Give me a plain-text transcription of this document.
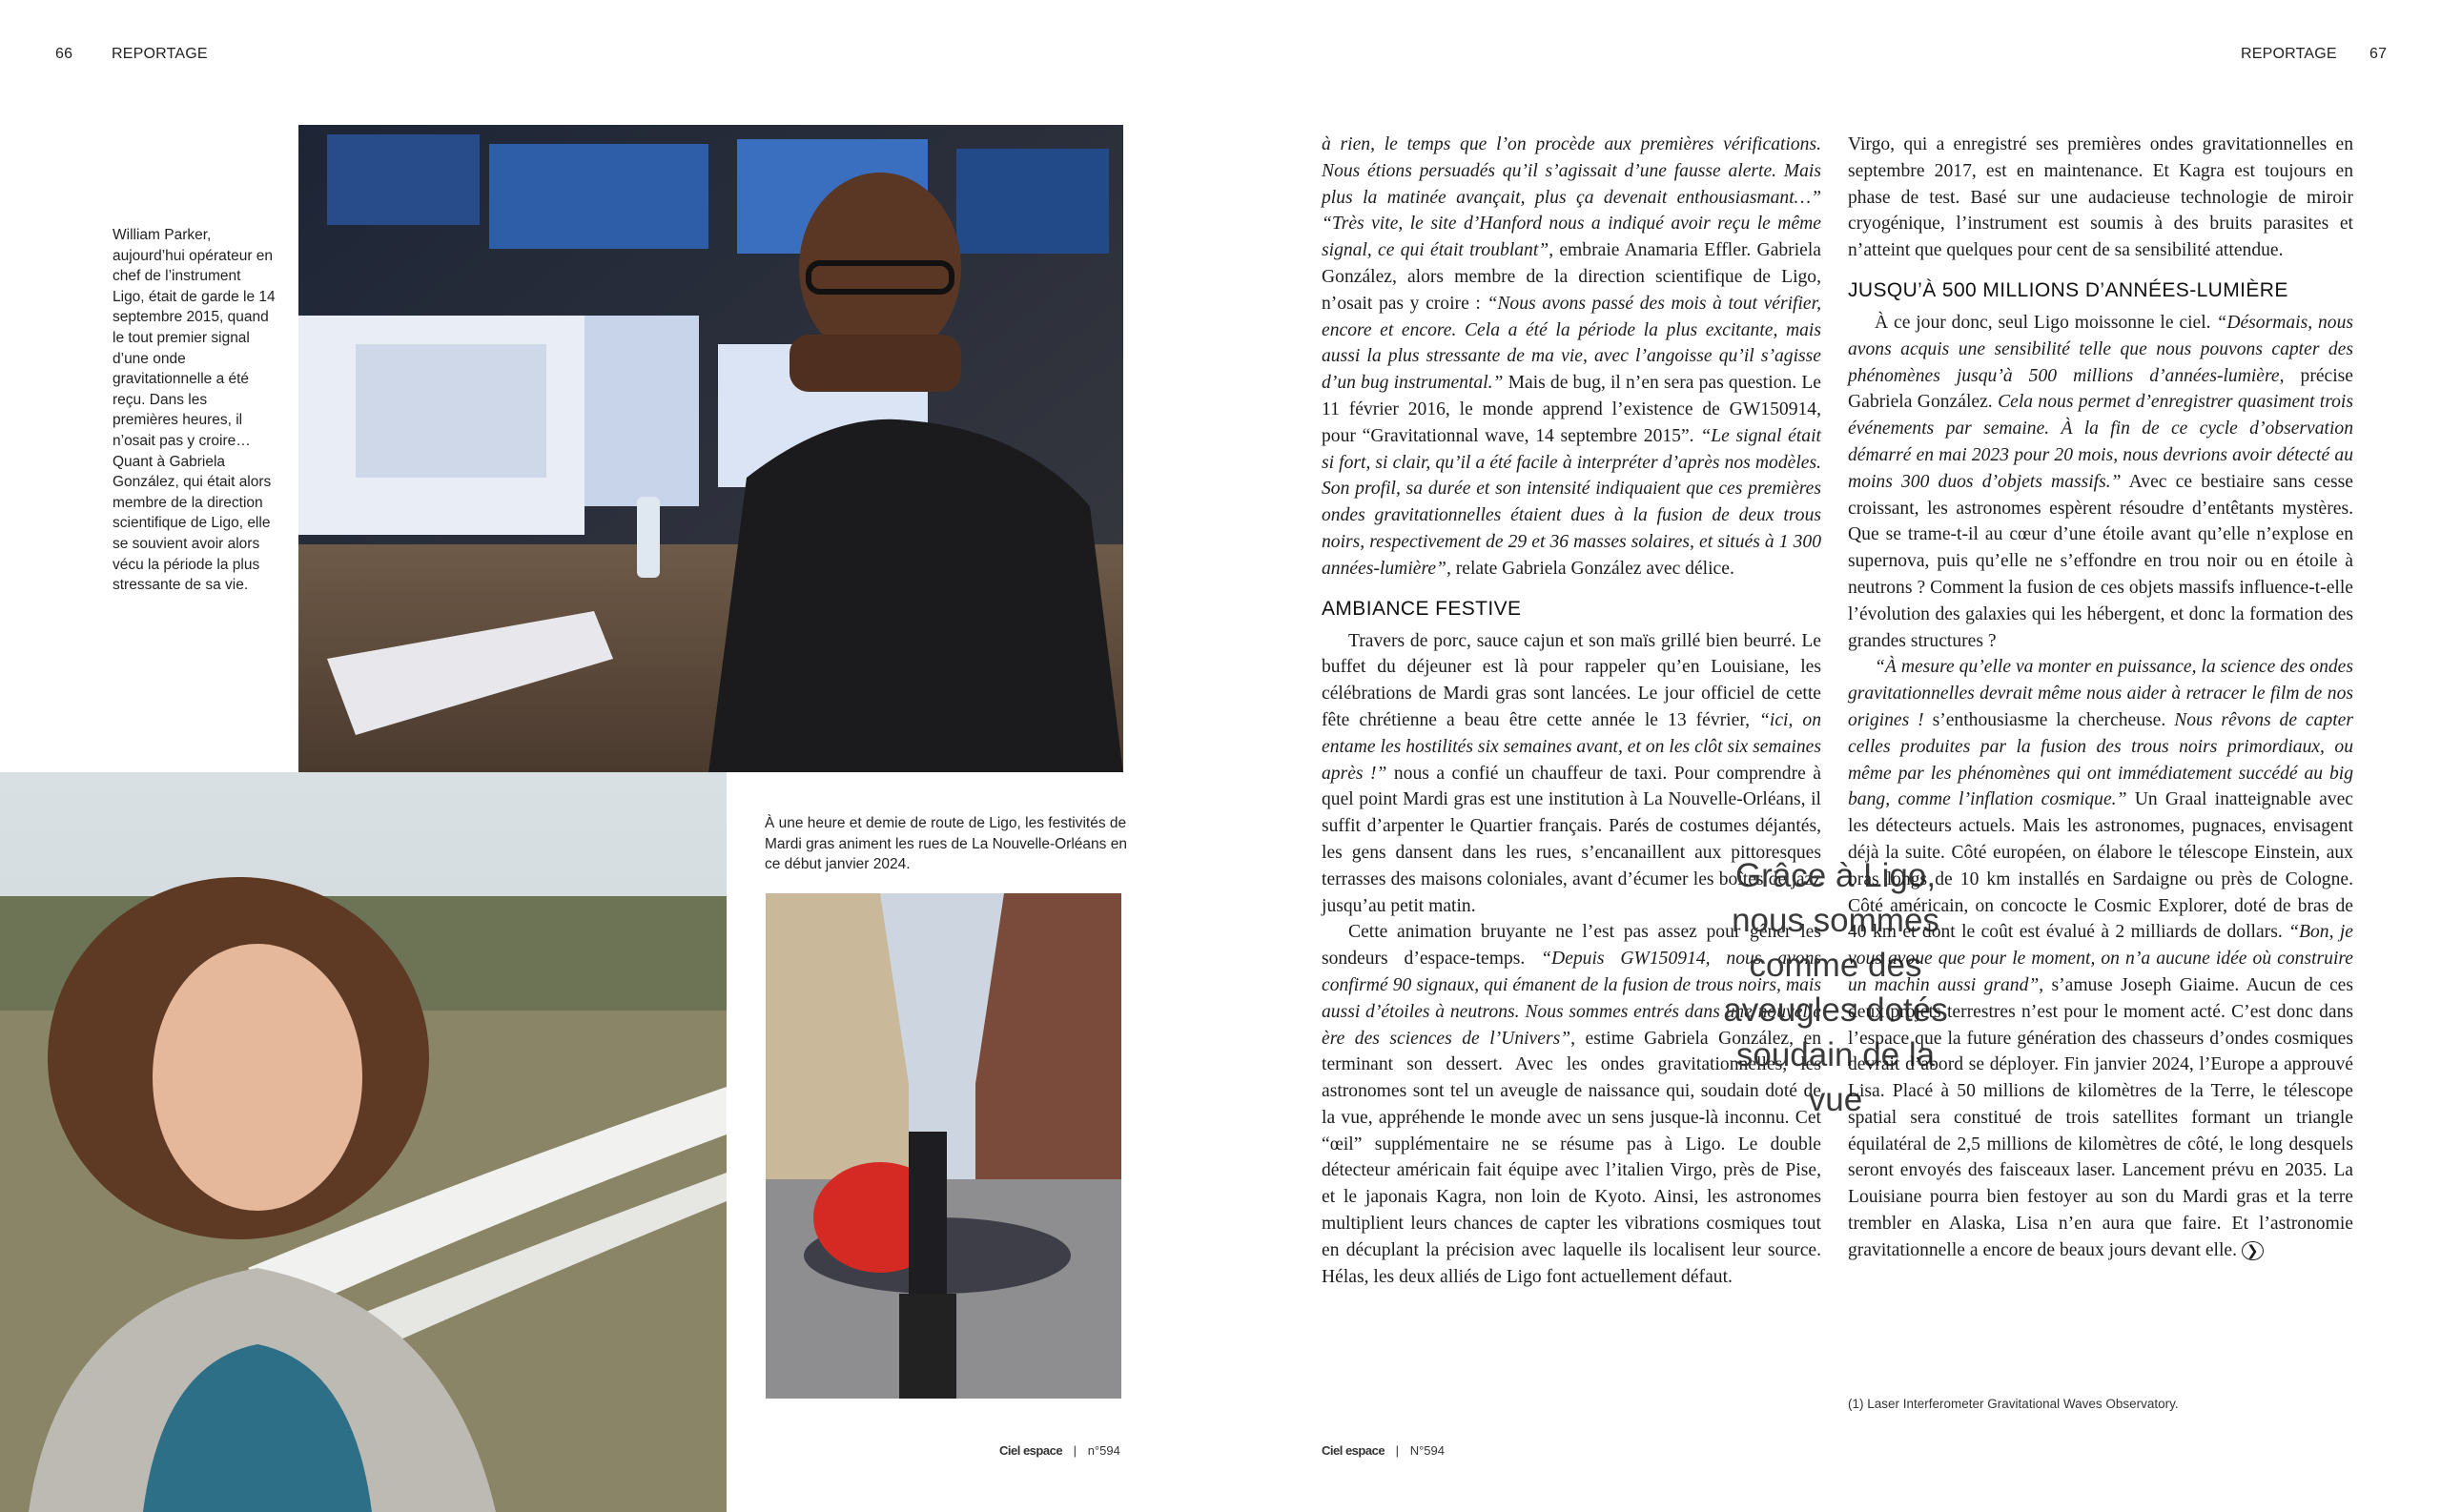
66	REPORTAGE
William Parker, aujourd’hui opérateur en chef de l’instrument Ligo, était de garde le 14 septembre 2015, quand le tout premier signal d’une onde gravitationnelle a été reçu. Dans les premières heures, il n’osait pas y croire… Quant à Gabriela González, qui était alors membre de la direction scientifique de Ligo, elle se souvient avoir alors vécu la période la plus stressante de sa vie.
À une heure et demie de route de Ligo, les festivités de Mardi gras animent les rues de La Nouvelle-Orléans en ce début janvier 2024.
Ciel espace | n°594
REPORTAGE 67

à rien, le temps que l’on procède aux premières vérifications. Nous étions persuadés qu’il s’agissait d’une fausse alerte. Mais plus la matinée avançait, plus ça devenait enthousiasmant…” “Très vite, le site d’Hanford nous a indiqué avoir reçu le même signal, ce qui était troublant”, embraie Anamaria Effler. Gabriela González, alors membre de la direction scientifique de Ligo, n’osait pas y croire : “Nous avons passé des mois à tout vérifier, encore et encore. Cela a été la période la plus excitante, mais aussi la plus stressante de ma vie, avec l’angoisse qu’il s’agisse d’un bug instrumental.” Mais de bug, il n’en sera pas question. Le 11 février 2016, le monde apprend l’existence de GW150914, pour “Gravitationnal wave, 14 septembre 2015”. “Le signal était si fort, si clair, qu’il a été facile à interpréter d’après nos modèles. Son profil, sa durée et son intensité indiquaient que ces premières ondes gravitationnelles étaient dues à la fusion de deux trous noirs, respectivement de 29 et 36 masses solaires, et situés à 1 300 années-lumière”, relate Gabriela González avec délice.

AMBIANCE FESTIVE

Travers de porc, sauce cajun et son maïs grillé bien beurré. Le buffet du déjeuner est là pour rappeler qu’en Louisiane, les célébrations de Mardi gras sont lancées. Le jour officiel de cette fête chrétienne a beau être cette année le 13 février, “ici, on entame les hostilités six semaines avant, et on les clôt six semaines après !” nous a confié un chauffeur de taxi. Pour comprendre à quel point Mardi gras est une institution à La Nouvelle-Orléans, il suffit d’arpenter le Quartier français. Parés de costumes déjantés, les gens dansent dans les rues, s’encanaillent aux pittoresques terrasses des maisons coloniales, avant d’écumer les boîtes de jazz jusqu’au petit matin.

Cette animation bruyante ne l’est pas assez pour gêner les sondeurs d’espace-temps. “Depuis GW150914, nous avons confirmé 90 signaux, qui émanent de la fusion de trous noirs, mais aussi d’étoiles à neutrons. Nous sommes entrés dans une nouvelle ère des sciences de l’Univers”, estime Gabriela González, en terminant son dessert. Avec les ondes gravitationnelles, les astronomes sont tel un aveugle de naissance qui, soudain doté de la vue, appréhende le monde avec un sens jusque-là inconnu. Cet “œil” supplémentaire ne se résume pas à Ligo. Le double détecteur américain fait équipe avec l’italien Virgo, près de Pise, et le japonais Kagra, non loin de Kyoto. Ainsi, les astronomes multiplient leurs chances de capter les vibrations cosmiques tout en décuplant la précision avec laquelle ils localisent leur source. Hélas, les deux alliés de Ligo font actuellement défaut.

Grâce à Ligo, nous sommes comme des aveugles dotés soudain de la vue

Virgo, qui a enregistré ses premières ondes gravitationnelles en septembre 2017, est en maintenance. Et Kagra est toujours en phase de test. Basé sur une audacieuse technologie de miroir cryogénique, l’instrument est soumis à des bruits parasites et n’atteint que quelques pour cent de sa sensibilité attendue.

JUSQU’À 500 MILLIONS D’ANNÉES-LUMIÈRE

À ce jour donc, seul Ligo moissonne le ciel. “Désormais, nous avons acquis une sensibilité telle que nous pouvons capter des phénomènes jusqu’à 500 millions d’années-lumière, précise Gabriela González. Cela nous permet d’enregistrer quasiment trois événements par semaine. À la fin de ce cycle d’observation démarré en mai 2023 pour 20 mois, nous devrions avoir détecté au moins 300 duos d’objets massifs.” Avec ce bestiaire sans cesse croissant, les astronomes espèrent résoudre d’entêtants mystères. Que se trame-t-il au cœur d’une étoile avant qu’elle n’explose en supernova, puis qu’elle ne s’effondre en trou noir ou en étoile à neutrons ? Comment la fusion de ces objets massifs influence-t-elle l’évolution des galaxies qui les hébergent, et donc la formation des grandes structures ?

“À mesure qu’elle va monter en puissance, la science des ondes gravitationnelles devrait même nous aider à retracer le film de nos origines ! s’enthousiasme la chercheuse. Nous rêvons de capter celles produites par la fusion des trous noirs primordiaux, ou même par les phénomènes qui ont immédiatement succédé au big bang, comme l’inflation cosmique.” Un Graal inatteignable avec les détecteurs actuels. Mais les astronomes, pugnaces, envisagent déjà la suite. Côté européen, on élabore le télescope Einstein, aux bras longs de 10 km installés en Sardaigne ou près de Cologne. Côté américain, on concocte le Cosmic Explorer, doté de bras de 40 km et dont le coût est évalué à 2 milliards de dollars. “Bon, je vous avoue que pour le moment, on n’a aucune idée où construire un machin aussi grand”, s’amuse Joseph Giaime. Aucun de ces deux projets terrestres n’est pour le moment acté. C’est donc dans l’espace que la future génération des chasseurs d’ondes cosmiques devrait d’abord se déployer. Fin janvier 2024, l’Europe a approuvé Lisa. Placé à 50 millions de kilomètres de la Terre, le télescope spatial sera constitué de trois satellites formant un triangle équilatéral de 2,5 millions de kilomètres de côté, le long desquels seront envoyés des faisceaux laser. Lancement prévu en 2035. La Louisiane pourra bien festoyer au son du Mardi gras et la terre trembler en Alaska, Lisa n’en aura que faire. Et l’astronomie gravitationnelle a encore de beaux jours devant elle. ❯

(1) Laser Interferometer Gravitational Waves Observatory.
Ciel espace | N°594
